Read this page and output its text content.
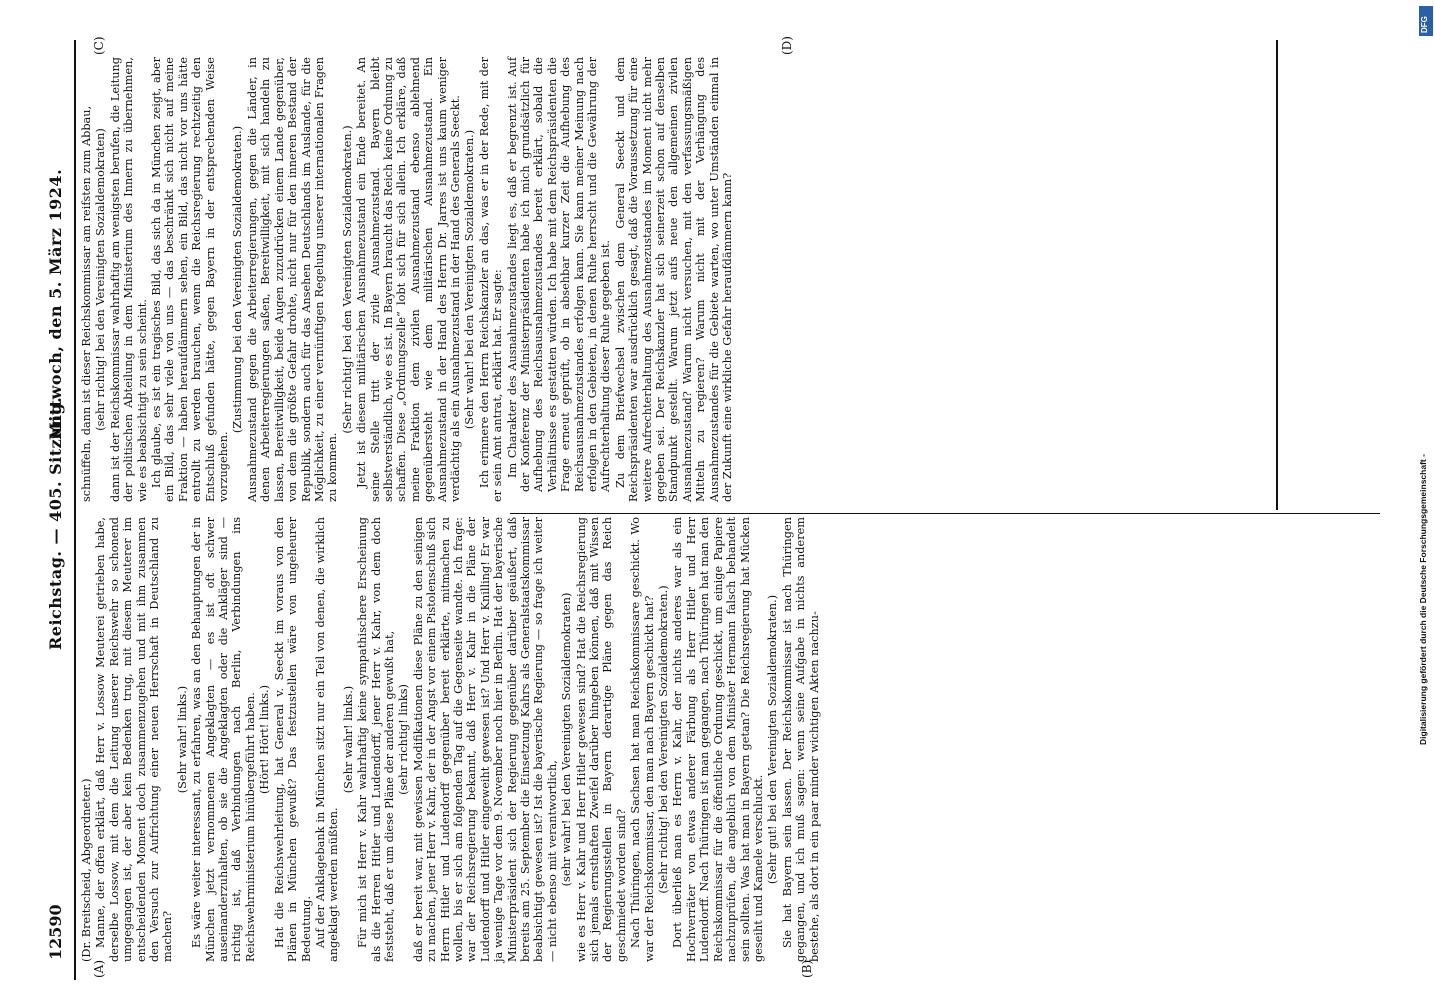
12590
Reichstag. — 405. Sitzung.
Mittwoch, den 5. März 1924.
(A)	(B)
(C)	(D)

(Dr. Breitscheid, Abgeordneter.) Manne, der offen erklärt, daß Herr v. Lossow Meuterei getrieben habe, derselbe Lossow, mit dem die Leitung unserer Reichswehr so schonend umgegangen ist, der aber kein Bedenken trug, mit diesem Meuterer im entscheidenden Moment doch zusammenzugehen und mit ihm zusammen den Versuch zur Aufrichtung einer neuen Herrschaft in Deutschland zu machen?

(Sehr wahr! links.) Es wäre weiter interessant, zu erfahren, was an den Behauptungen der in München jetzt vernommenen Angeklagten — es ist oft schwer auseinanderzuhalten, ob sie die Angeklagten oder die Ankläger sind — richtig ist, daß Verbindungen nach Berlin, Verbindungen ins Reichswehrministerium hinübergeführt haben. (Hört! Hört! links.) Hat die Reichswehrleitung, hat General v. Seeckt im voraus von den Plänen in München gewußt? Das festzustellen wäre von ungeheurer Bedeutung. Auf der Anklagebank in München sitzt nur ein Teil von denen, die wirklich angeklagt werden müßten.

(Sehr wahr! links.) Für mich ist Herr v. Kahr wahrhaftig keine sympathischere Erscheinung als die Herren Hitler und Ludendorff, jener Herr v. Kahr, von dem doch feststeht, daß er um diese Pläne der anderen gewußt hat, (sehr richtig! links) daß er bereit war, mit gewissen Modifikationen diese Pläne zu den seinigen zu machen, jener Herr v. Kahr, der in der Angst vor einem Pistolenschuß sich Herrn Hitler und Ludendorff gegenüber bereit erklärte, mitmachen zu wollen, bis er sich am folgenden Tag auf die Gegenseite wandte. Ich frage: war der Reichsregierung bekannt, daß Herr v. Kahr in die Pläne der Ludendorff und Hitler eingeweiht gewesen ist? Und Herr v. Knilling! Er war ja wenige Tage vor dem 9. November noch hier in Berlin. Hat der bayerische Ministerpräsident sich der Regierung gegenüber darüber geäußert, daß bereits am 25. September die Einsetzung Kahrs als Generalstaatskommissar beabsichtigt gewesen ist? Ist die bayerische Regierung — so frage ich weiter — nicht ebenso mit verantwortlich, (sehr wahr! bei den Vereinigten Sozialdemokraten) wie es Herr v. Kahr und Herr Hitler gewesen sind? Hat die Reichsregierung sich jemals ernsthaften Zweifel darüber hingeben können, daß mit Wissen der Regierungsstellen in Bayern derartige Pläne gegen das Reich geschmiedet worden sind? Nach Thüringen, nach Sachsen hat man Reichskommissare geschickt. Wo war der Reichskommissar, den man nach Bayern geschickt hat? (Sehr richtig! bei den Vereinigten Sozialdemokraten.) Dort überließ man es Herrn v. Kahr, der nichts anderes war als ein Hochverräter von etwas anderer Färbung als Herr Hitler und Herr Ludendorff. Nach Thüringen ist man gegangen, nach Thüringen hat man den Reichskommissar für die öffentliche Ordnung geschickt, um einige Papiere nachzuprüfen, die angeblich von dem Minister Hermann falsch behandelt sein sollten. Was hat man in Bayern getan? Die Reichsregierung hat Mücken geseiht und Kamele verschluckt. (Sehr gut! bei den Vereinigten Sozialdemokraten.) Sie hat Bayern sein lassen. Der Reichskommissar ist nach Thüringen gegangen, und ich muß sagen: wenn seine Aufgabe in nichts anderem bestehe, als dort in ein paar minder wichtigen Akten nachzu-

schnüffeln, dann ist dieser Reichskommissar am reifsten zum Abbau, (sehr richtig! bei den Vereinigten Sozialdemokraten) dann ist der Reichskommissar wahrhaftig am wenigsten berufen, die Leitung der politischen Abteilung in dem Ministerium des Innern zu übernehmen, wie es beabsichtigt zu sein scheint. Ich glaube, es ist ein tragisches Bild, das sich da in München zeigt, aber ein Bild, das sehr viele von uns — das beschränkt sich nicht auf meine Fraktion — haben heraufdämmern sehen, ein Bild, das nicht vor uns hätte entrollt zu werden brauchen, wenn die Reichsregierung rechtzeitig den Entschluß gefunden hätte, gegen Bayern in der entsprechenden Weise vorzugehen.

(Zustimmung bei den Vereinigten Sozialdemokraten.) Ausnahmezustand gegen die Arbeiterregierungen, gegen die Länder, in denen Arbeiterregierungen saßen, Bereitwilligkeit, mit sich handeln zu lassen, Bereitwilligkeit, beide Augen zuzudrücken einem Lande gegenüber, von dem die größte Gefahr drohte, nicht nur für den inneren Bestand der Republik, sondern auch für das Ansehen Deutschlands im Auslande, für die Möglichkeit, zu einer vernünftigen Regelung unserer internationalen Fragen zu kommen.

(Sehr richtig! bei den Vereinigten Sozialdemokraten.) Jetzt ist diesem militärischen Ausnahmezustand ein Ende bereitet. An seine Stelle tritt der zivile Ausnahmezustand. Bayern bleibt selbstverständlich, wie es ist. In Bayern braucht das Reich keine Ordnung zu schaffen. Diese „Ordnungszelle“ lobt sich für sich allein. Ich erkläre, daß meine Fraktion dem zivilen Ausnahmezustand ebenso ablehnend gegenübersteht wie dem militärischen Ausnahmezustand. Ein Ausnahmezustand in der Hand des Herrn Dr. Jarres ist uns kaum weniger verdächtig als ein Ausnahmezustand in der Hand des Generals Seeckt. (Sehr wahr! bei den Vereinigten Sozialdemokraten.) Ich erinnere den Herrn Reichskanzler an das, was er in der Rede, mit der er sein Amt antrat, erklärt hat. Er sagte: Im Charakter des Ausnahmezustandes liegt es, daß er begrenzt ist. Auf der Konferenz der Ministerpräsidenten habe ich mich grundsätzlich für Aufhebung des Reichsausnahmezustandes bereit erklärt, sobald die Verhältnisse es gestatten würden. Ich habe mit dem Reichspräsidenten die Frage erneut geprüft, ob in absehbar kurzer Zeit die Aufhebung des Reichsausnahmezustandes erfolgen kann. Sie kann meiner Meinung nach erfolgen in den Gebieten, in denen Ruhe herrscht und die Gewährung der Aufrechterhaltung dieser Ruhe gegeben ist. Zu dem Briefwechsel zwischen dem General Seeckt und dem Reichspräsidenten war ausdrücklich gesagt, daß die Voraussetzung für eine weitere Aufrechterhaltung des Ausnahmezustandes im Moment nicht mehr gegeben sei. Der Reichskanzler hat sich seinerzeit schon auf denselben Standpunkt gestellt. Warum jetzt aufs neue den allgemeinen zivilen Ausnahmezustand? Warum nicht versuchen, mit den verfassungsmäßigen Mitteln zu regieren? Warum nicht mit der Verhängung des Ausnahmezustandes für die Gebiete warten, wo unter Umständen einmal in der Zukunft eine wirkliche Gefahr heraufdämmern kann?

DFG
Digitalisierung gefördert durch die Deutsche Forschungsgemeinschaft -
